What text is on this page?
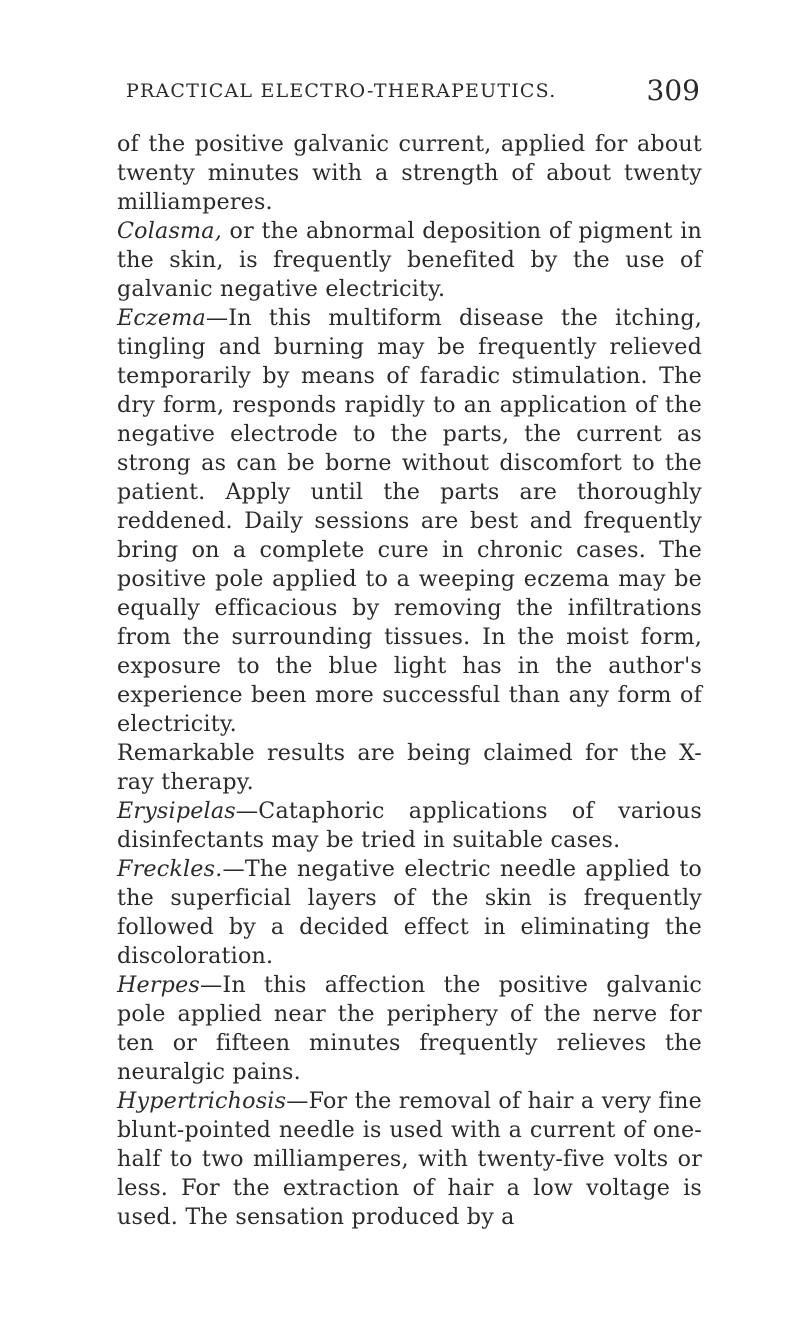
PRACTICAL ELECTRO-THERAPEUTICS.	309

of the positive galvanic current, applied for about twenty minutes with a strength of about twenty milliamperes.

Colasma, or the abnormal deposition of pigment in the skin, is frequently benefited by the use of galvanic negative electricity.

Eczema—In this multiform disease the itching, tingling and burning may be frequently relieved temporarily by means of faradic stimulation. The dry form, responds rapidly to an application of the negative electrode to the parts, the current as strong as can be borne without discomfort to the patient. Apply until the parts are thoroughly reddened. Daily sessions are best and frequently bring on a complete cure in chronic cases. The positive pole applied to a weeping eczema may be equally efficacious by removing the infiltrations from the surrounding tissues. In the moist form, exposure to the blue light has in the author's experience been more successful than any form of electricity.

Remarkable results are being claimed for the X-ray therapy.

Erysipelas—Cataphoric applications of various disinfectants may be tried in suitable cases.

Freckles.—The negative electric needle applied to the superficial layers of the skin is frequently followed by a decided effect in eliminating the discoloration.

Herpes—In this affection the positive galvanic pole applied near the periphery of the nerve for ten or fifteen minutes frequently relieves the neuralgic pains.

Hypertrichosis—For the removal of hair a very fine blunt-pointed needle is used with a current of one-half to two milliamperes, with twenty-five volts or less. For the extraction of hair a low voltage is used. The sensation produced by a
